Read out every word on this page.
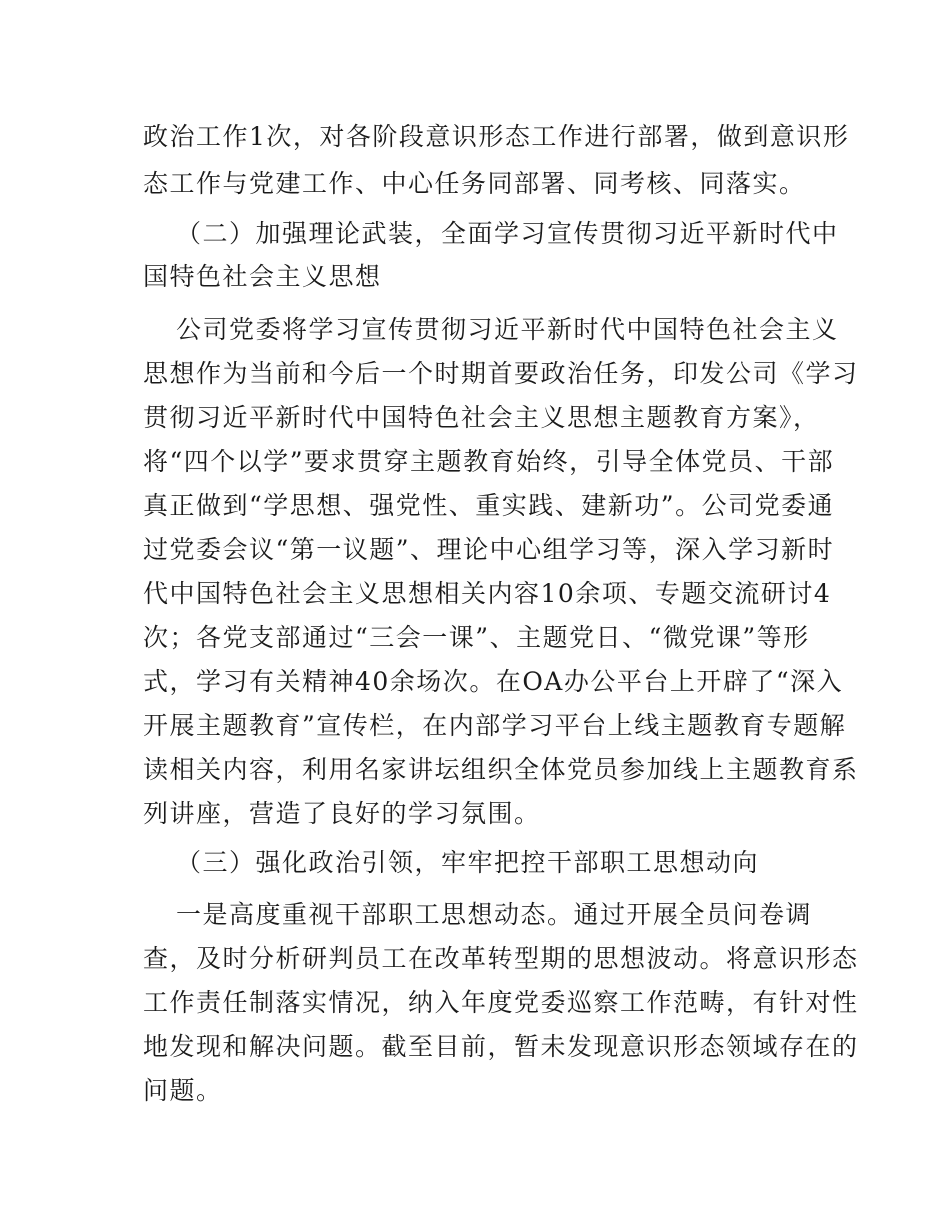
政治工作1次，对各阶段意识形态工作进行部署，做到意识形
态工作与党建工作、中心任务同部署、同考核、同落实。
（二）加强理论武装，全面学习宣传贯彻习近平新时代中
国特色社会主义思想
公司党委将学习宣传贯彻习近平新时代中国特色社会主义
思想作为当前和今后一个时期首要政治任务，印发公司《学习
贯彻习近平新时代中国特色社会主义思想主题教育方案》，
将“四个以学”要求贯穿主题教育始终，引导全体党员、干部
真正做到“学思想、强党性、重实践、建新功”。公司党委通
过党委会议“第一议题”、理论中心组学习等，深入学习新时
代中国特色社会主义思想相关内容10余项、专题交流研讨4
次；各党支部通过“三会一课”、主题党日、“微党课”等形
式，学习有关精神40余场次。在OA办公平台上开辟了“深入
开展主题教育”宣传栏，在内部学习平台上线主题教育专题解
读相关内容，利用名家讲坛组织全体党员参加线上主题教育系
列讲座，营造了良好的学习氛围。
（三）强化政治引领，牢牢把控干部职工思想动向
一是高度重视干部职工思想动态。通过开展全员问卷调
查，及时分析研判员工在改革转型期的思想波动。将意识形态
工作责任制落实情况，纳入年度党委巡察工作范畴，有针对性
地发现和解决问题。截至目前，暂未发现意识形态领域存在的
问题。
